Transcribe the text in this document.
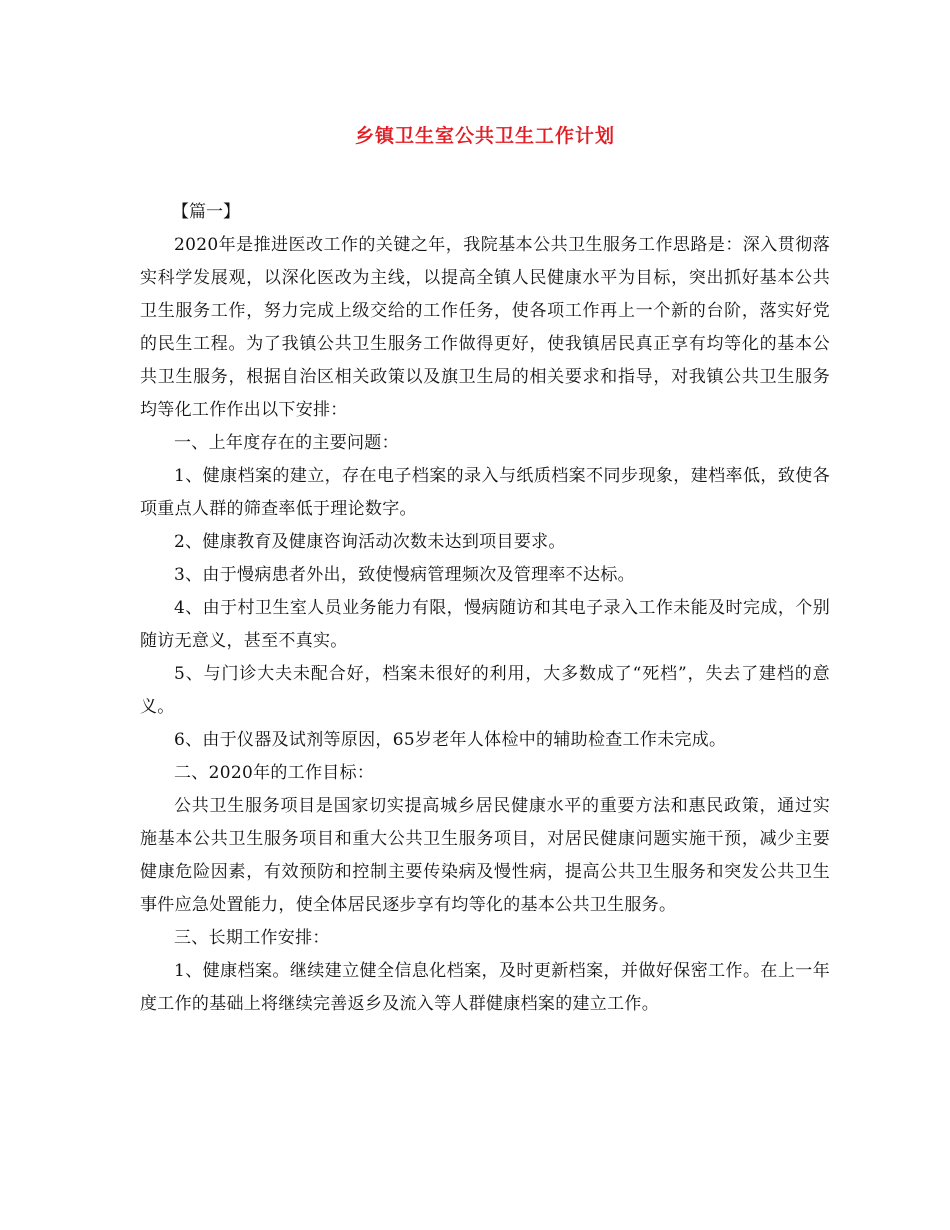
乡镇卫生室公共卫生工作计划

【篇一】

2020年是推进医改工作的关键之年，我院基本公共卫生服务工作思路是：深入贯彻落实科学发展观，以深化医改为主线，以提高全镇人民健康水平为目标，突出抓好基本公共卫生服务工作，努力完成上级交给的工作任务，使各项工作再上一个新的台阶，落实好党的民生工程。为了我镇公共卫生服务工作做得更好，使我镇居民真正享有均等化的基本公共卫生服务，根据自治区相关政策以及旗卫生局的相关要求和指导，对我镇公共卫生服务均等化工作作出以下安排：

一、上年度存在的主要问题：

1、健康档案的建立，存在电子档案的录入与纸质档案不同步现象，建档率低，致使各项重点人群的筛查率低于理论数字。

2、健康教育及健康咨询活动次数未达到项目要求。

3、由于慢病患者外出，致使慢病管理频次及管理率不达标。

4、由于村卫生室人员业务能力有限，慢病随访和其电子录入工作未能及时完成，个别随访无意义，甚至不真实。

5、与门诊大夫未配合好，档案未很好的利用，大多数成了“死档”，失去了建档的意义。

6、由于仪器及试剂等原因，65岁老年人体检中的辅助检查工作未完成。

二、2020年的工作目标：

公共卫生服务项目是国家切实提高城乡居民健康水平的重要方法和惠民政策，通过实施基本公共卫生服务项目和重大公共卫生服务项目，对居民健康问题实施干预，减少主要健康危险因素，有效预防和控制主要传染病及慢性病，提高公共卫生服务和突发公共卫生事件应急处置能力，使全体居民逐步享有均等化的基本公共卫生服务。

三、长期工作安排：

1、健康档案。继续建立健全信息化档案，及时更新档案，并做好保密工作。在上一年度工作的基础上将继续完善返乡及流入等人群健康档案的建立工作。
